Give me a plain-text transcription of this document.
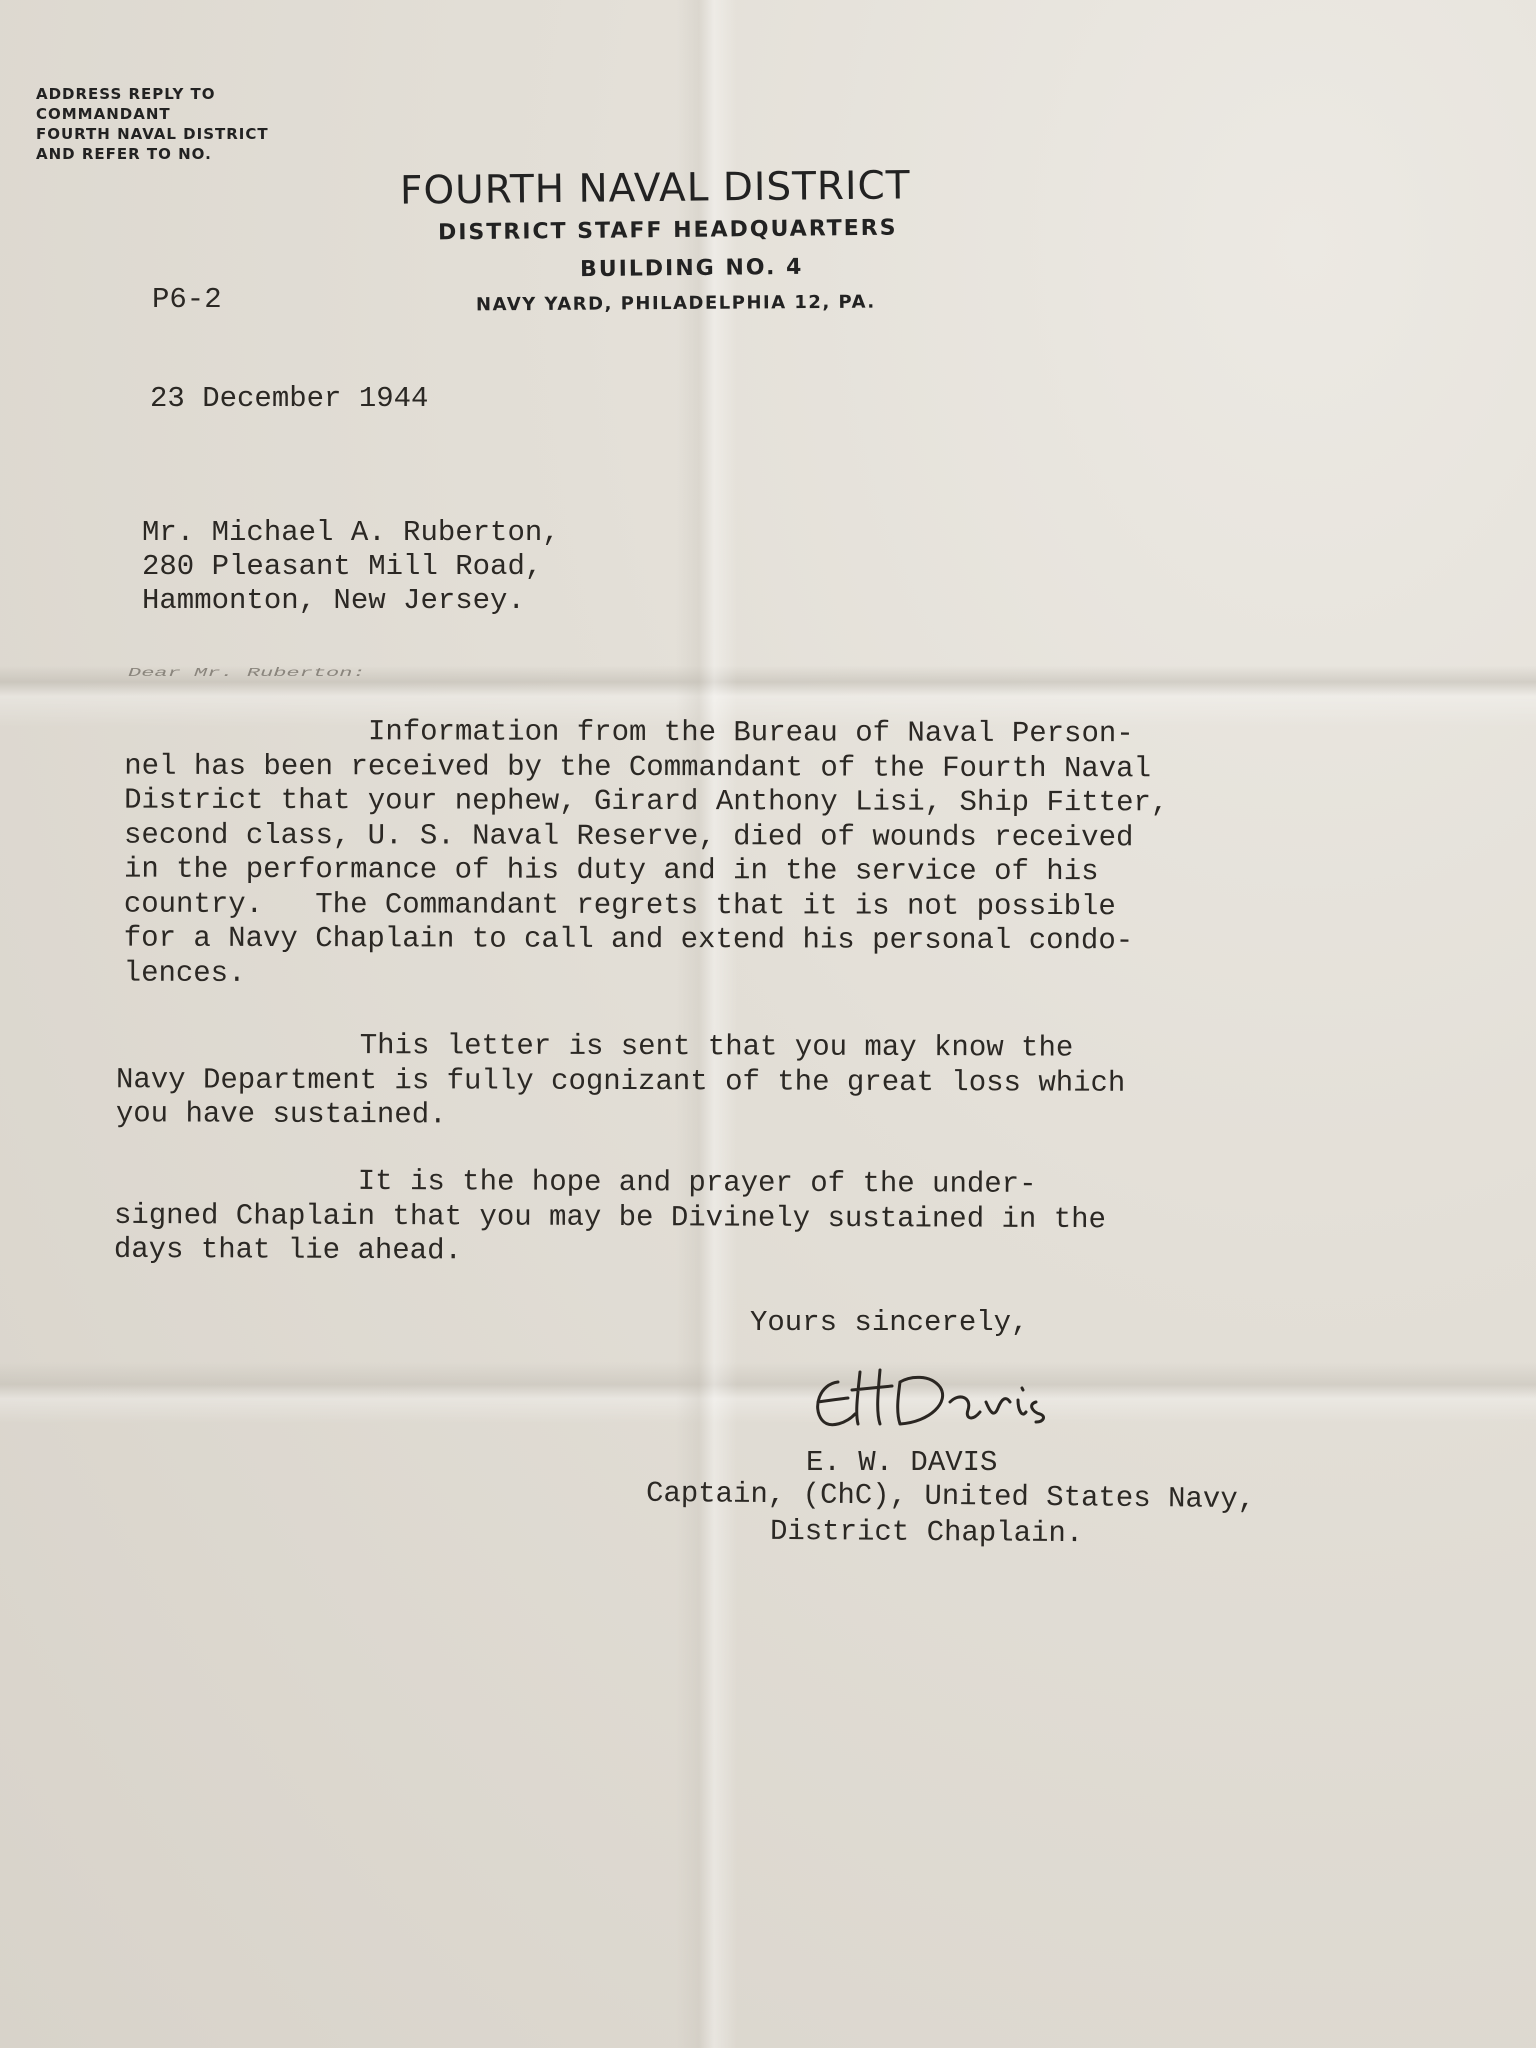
ADDRESS REPLY TO
COMMANDANT
FOURTH NAVAL DISTRICT
AND REFER TO NO.

FOURTH NAVAL DISTRICT

DISTRICT STAFF HEADQUARTERS

BUILDING NO. 4

NAVY YARD, PHILADELPHIA 12, PA.

P6-2

23 December 1944

Mr. Michael A. Ruberton,

280 Pleasant Mill Road,

Hammonton, New Jersey.

Dear Mr. Ruberton:

Information from the Bureau of Naval Person-
nel has been received by the Commandant of the Fourth Naval
District that your nephew, Girard Anthony Lisi, Ship Fitter,
second class, U. S. Naval Reserve, died of wounds received
in the performance of his duty and in the service of his
country.   The Commandant regrets that it is not possible
for a Navy Chaplain to call and extend his personal condo-
lences.
This letter is sent that you may know the
Navy Department is fully cognizant of the great loss which
you have sustained.
It is the hope and prayer of the under-
signed Chaplain that you may be Divinely sustained in the
days that lie ahead.

Yours sincerely,

E. W. DAVIS

Captain, (ChC), United States Navy,

District Chaplain.
